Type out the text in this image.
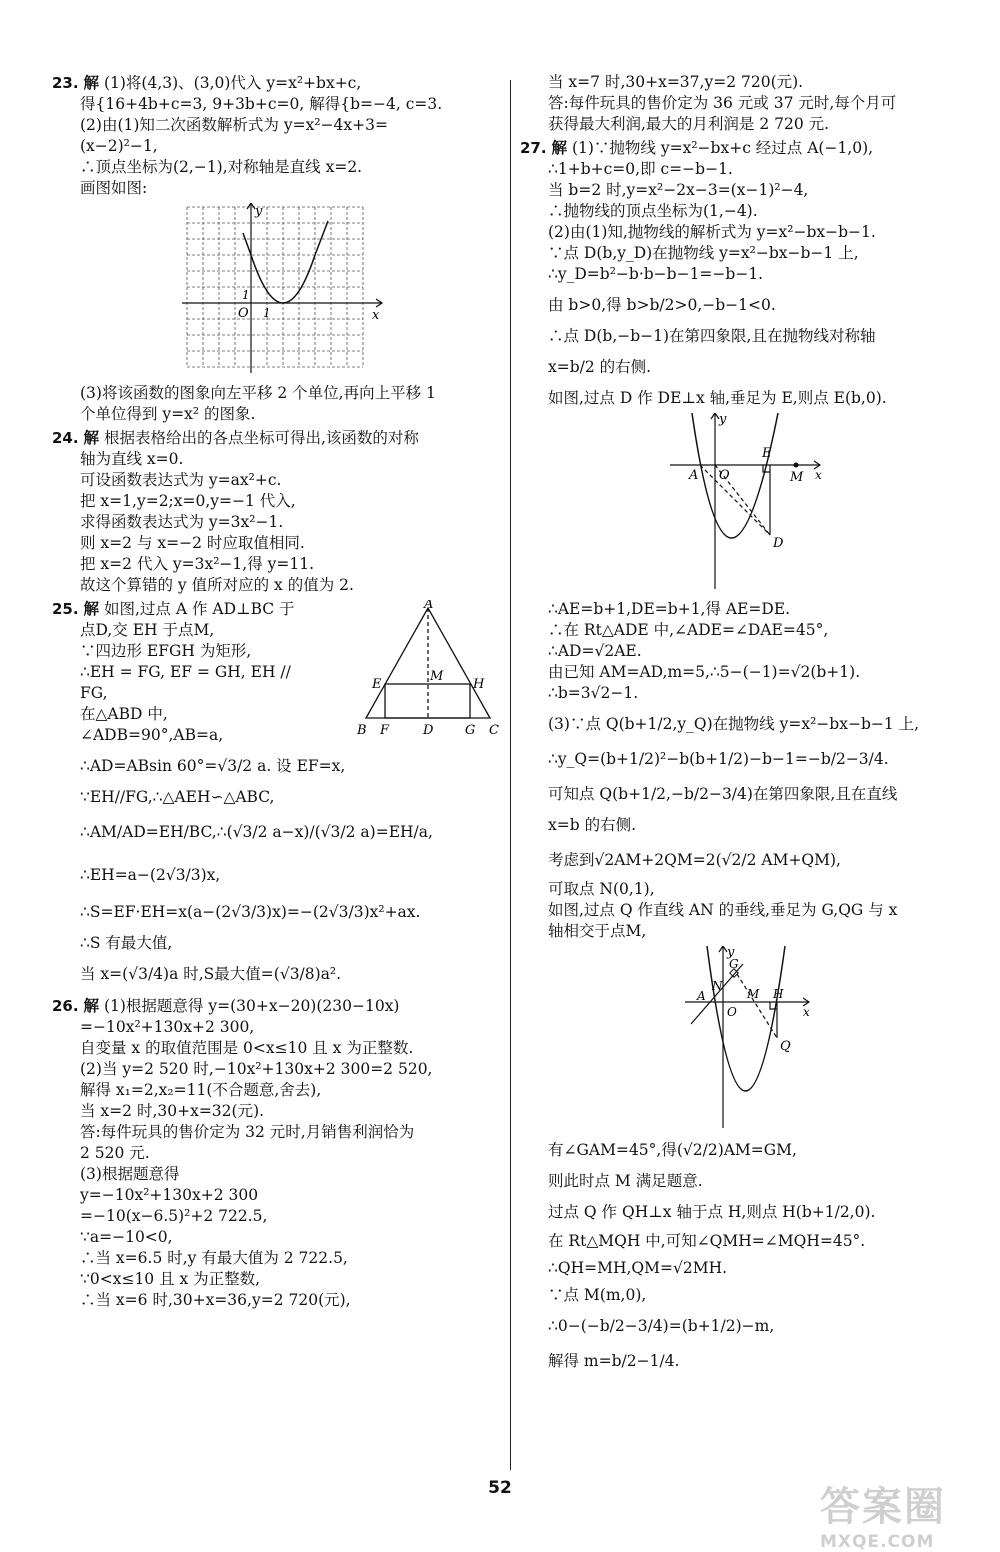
23. 解 (1)将(4,3)、(3,0)代入 y=x²+bx+c,
得{16+4b+c=3, 9+3b+c=0, 解得{b=−4, c=3.
(2)由(1)知二次函数解析式为 y=x²−4x+3=
(x−2)²−1,
∴顶点坐标为(2,−1),对称轴是直线 x=2.
画图如图:
y
O
1
1	x
(3)将该函数的图象向左平移 2 个单位,再向上平移 1
个单位得到 y=x² 的图象.
24. 解 根据表格给出的各点坐标可得出,该函数的对称
轴为直线 x=0.
可设函数表达式为 y=ax²+c.
把 x=1,y=2;x=0,y=−1 代入,
求得函数表达式为 y=3x²−1.
则 x=2 与 x=−2 时应取值相同.
把 x=2 代入 y=3x²−1,得 y=11.
故这个算错的 y 值所对应的 x 的值为 2.
25. 解 如图,过点 A 作 AD⊥BC 于
点D,交 EH 于点M,
∵四边形 EFGH 为矩形,
∴EH = FG, EF = GH, EH //
FG,
在△ABD 中,
∠ADB=90°,AB=a,
∴AD=ABsin 60°=√3/2 a. 设 EF=x,
∵EH//FG,∴△AEH∽△ABC,
∴AM/AD=EH/BC,∴(√3/2 a−x)/(√3/2 a)=EH/a,
∴EH=a−(2√3/3)x,
∴S=EF·EH=x(a−(2√3/3)x)=−(2√3/3)x²+ax.
∴S 有最大值,
当 x=(√3/4)a 时,S最大值=(√3/8)a².
A
E
M
H
B F	D G C
26. 解 (1)根据题意得 y=(30+x−20)(230−10x)
=−10x²+130x+2 300,
自变量 x 的取值范围是 0<x≤10 且 x 为正整数.
(2)当 y=2 520 时,−10x²+130x+2 300=2 520,
解得 x₁=2,x₂=11(不合题意,舍去),
当 x=2 时,30+x=32(元).
答:每件玩具的售价定为 32 元时,月销售利润恰为
2 520 元.
(3)根据题意得
y=−10x²+130x+2 300
=−10(x−6.5)²+2 722.5,
∵a=−10<0,
∴当 x=6.5 时,y 有最大值为 2 722.5,
∵0<x≤10 且 x 为正整数,
∴当 x=6 时,30+x=36,y=2 720(元),
当 x=7 时,30+x=37,y=2 720(元).
答:每件玩具的售价定为 36 元或 37 元时,每个月可
获得最大利润,最大的月利润是 2 720 元.
27. 解 (1)∵抛物线 y=x²−bx+c 经过点 A(−1,0),
∴1+b+c=0,即 c=−b−1.
当 b=2 时,y=x²−2x−3=(x−1)²−4,
∴抛物线的顶点坐标为(1,−4).
(2)由(1)知,抛物线的解析式为 y=x²−bx−b−1.
∵点 D(b,y_D)在抛物线 y=x²−bx−b−1 上,
∴y_D=b²−b·b−b−1=−b−1.
由 b>0,得 b>b/2>0,−b−1<0.
∴点 D(b,−b−1)在第四象限,且在抛物线对称轴
x=b/2 的右侧.
如图,过点 D 作 DE⊥x 轴,垂足为 E,则点 E(b,0).
y
A O
E
M x
D
∴AE=b+1,DE=b+1,得 AE=DE.
∴在 Rt△ADE 中,∠ADE=∠DAE=45°,
∴AD=√2AE.
由已知 AM=AD,m=5,∴5−(−1)=√2(b+1).
∴b=3√2−1.
(3)∵点 Q(b+1/2,y_Q)在抛物线 y=x²−bx−b−1 上,
∴y_Q=(b+1/2)²−b(b+1/2)−b−1=−b/2−3/4.
可知点 Q(b+1/2,−b/2−3/4)在第四象限,且在直线
x=b 的右侧.
考虑到√2AM+2QM=2(√2/2 AM+QM),
可取点 N(0,1),
如图,过点 Q 作直线 AN 的垂线,垂足为 G,QG 与 x
轴相交于点M,
y
N
G
A
O
M H
x
Q
有∠GAM=45°,得(√2/2)AM=GM,
则此时点 M 满足题意.
过点 Q 作 QH⊥x 轴于点 H,则点 H(b+1/2,0).
在 Rt△MQH 中,可知∠QMH=∠MQH=45°.
∴QH=MH,QM=√2MH.
∵点 M(m,0),
∴0−(−b/2−3/4)=(b+1/2)−m,
解得 m=b/2−1/4.
52	答案圈
MXQE.COM
